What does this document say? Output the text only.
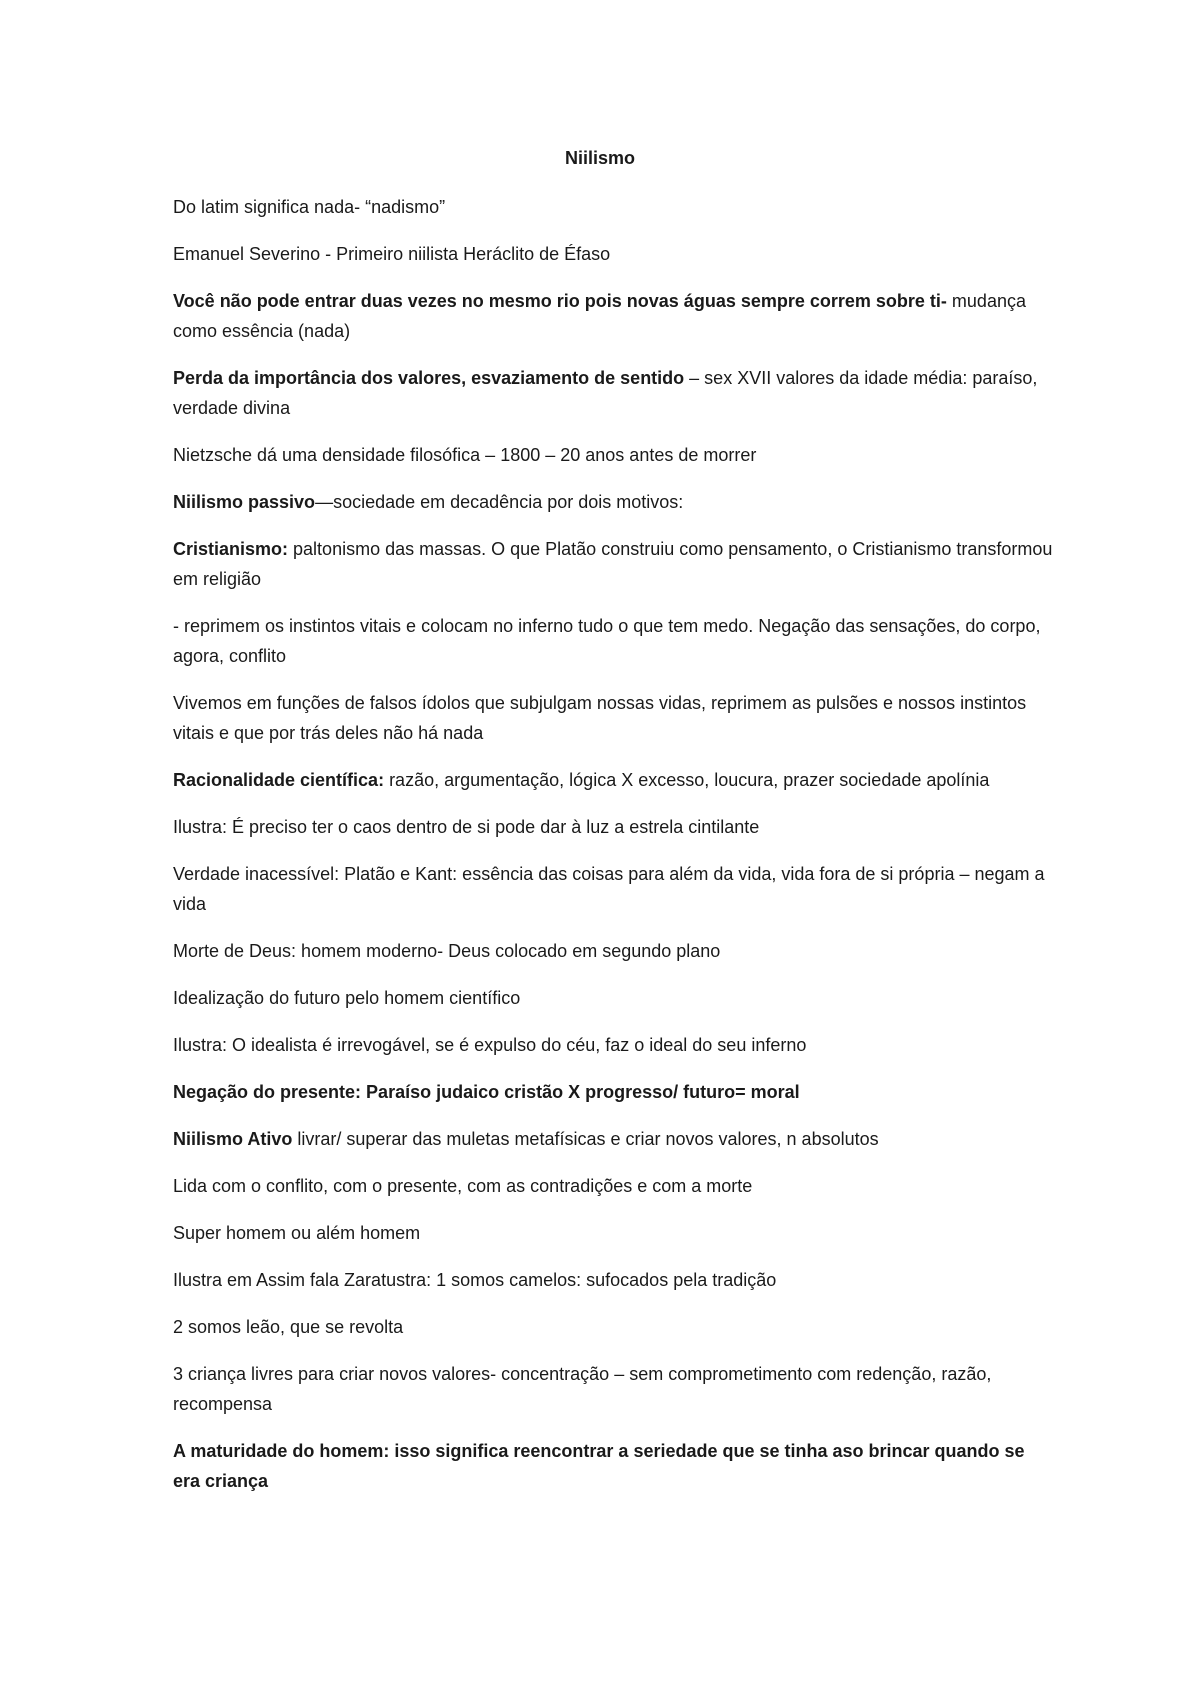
Niilismo

Do latim significa nada- “nadismo”

Emanuel Severino - Primeiro niilista Heráclito de Éfaso

Você não pode entrar duas vezes no mesmo rio pois novas águas sempre correm sobre ti- mudança como essência (nada)

Perda da importância dos valores, esvaziamento de sentido – sex XVII valores da idade média: paraíso, verdade divina

Nietzsche dá uma densidade filosófica – 1800 – 20 anos antes de morrer

Niilismo passivo—sociedade em decadência por dois motivos:

Cristianismo: paltonismo das massas. O que Platão construiu como pensamento, o Cristianismo transformou em religião

- reprimem os instintos vitais e colocam no inferno tudo o que tem medo. Negação das sensações, do corpo, agora, conflito

Vivemos em funções de falsos ídolos que subjulgam nossas vidas, reprimem as pulsões e nossos instintos vitais e que por trás deles não há nada

Racionalidade científica: razão, argumentação, lógica X excesso, loucura, prazer sociedade apolínia

Ilustra: É preciso ter o caos dentro de si pode dar à luz a estrela cintilante

Verdade inacessível: Platão e Kant: essência das coisas para além da vida, vida fora de si própria – negam a vida

Morte de Deus: homem moderno- Deus colocado em segundo plano

Idealização do futuro pelo homem científico

Ilustra: O idealista é irrevogável, se é expulso do céu, faz o ideal do seu inferno

Negação do presente: Paraíso judaico cristão X progresso/ futuro= moral

Niilismo Ativo livrar/ superar das muletas metafísicas e criar novos valores, n absolutos

Lida com o conflito, com o presente, com as contradições e com a morte

Super homem ou além homem

Ilustra em Assim fala Zaratustra: 1 somos camelos: sufocados pela tradição

2 somos leão, que se revolta

3 criança livres para criar novos valores- concentração – sem comprometimento com redenção, razão, recompensa

A maturidade do homem: isso significa reencontrar a seriedade que se tinha aso brincar quando se era criança
